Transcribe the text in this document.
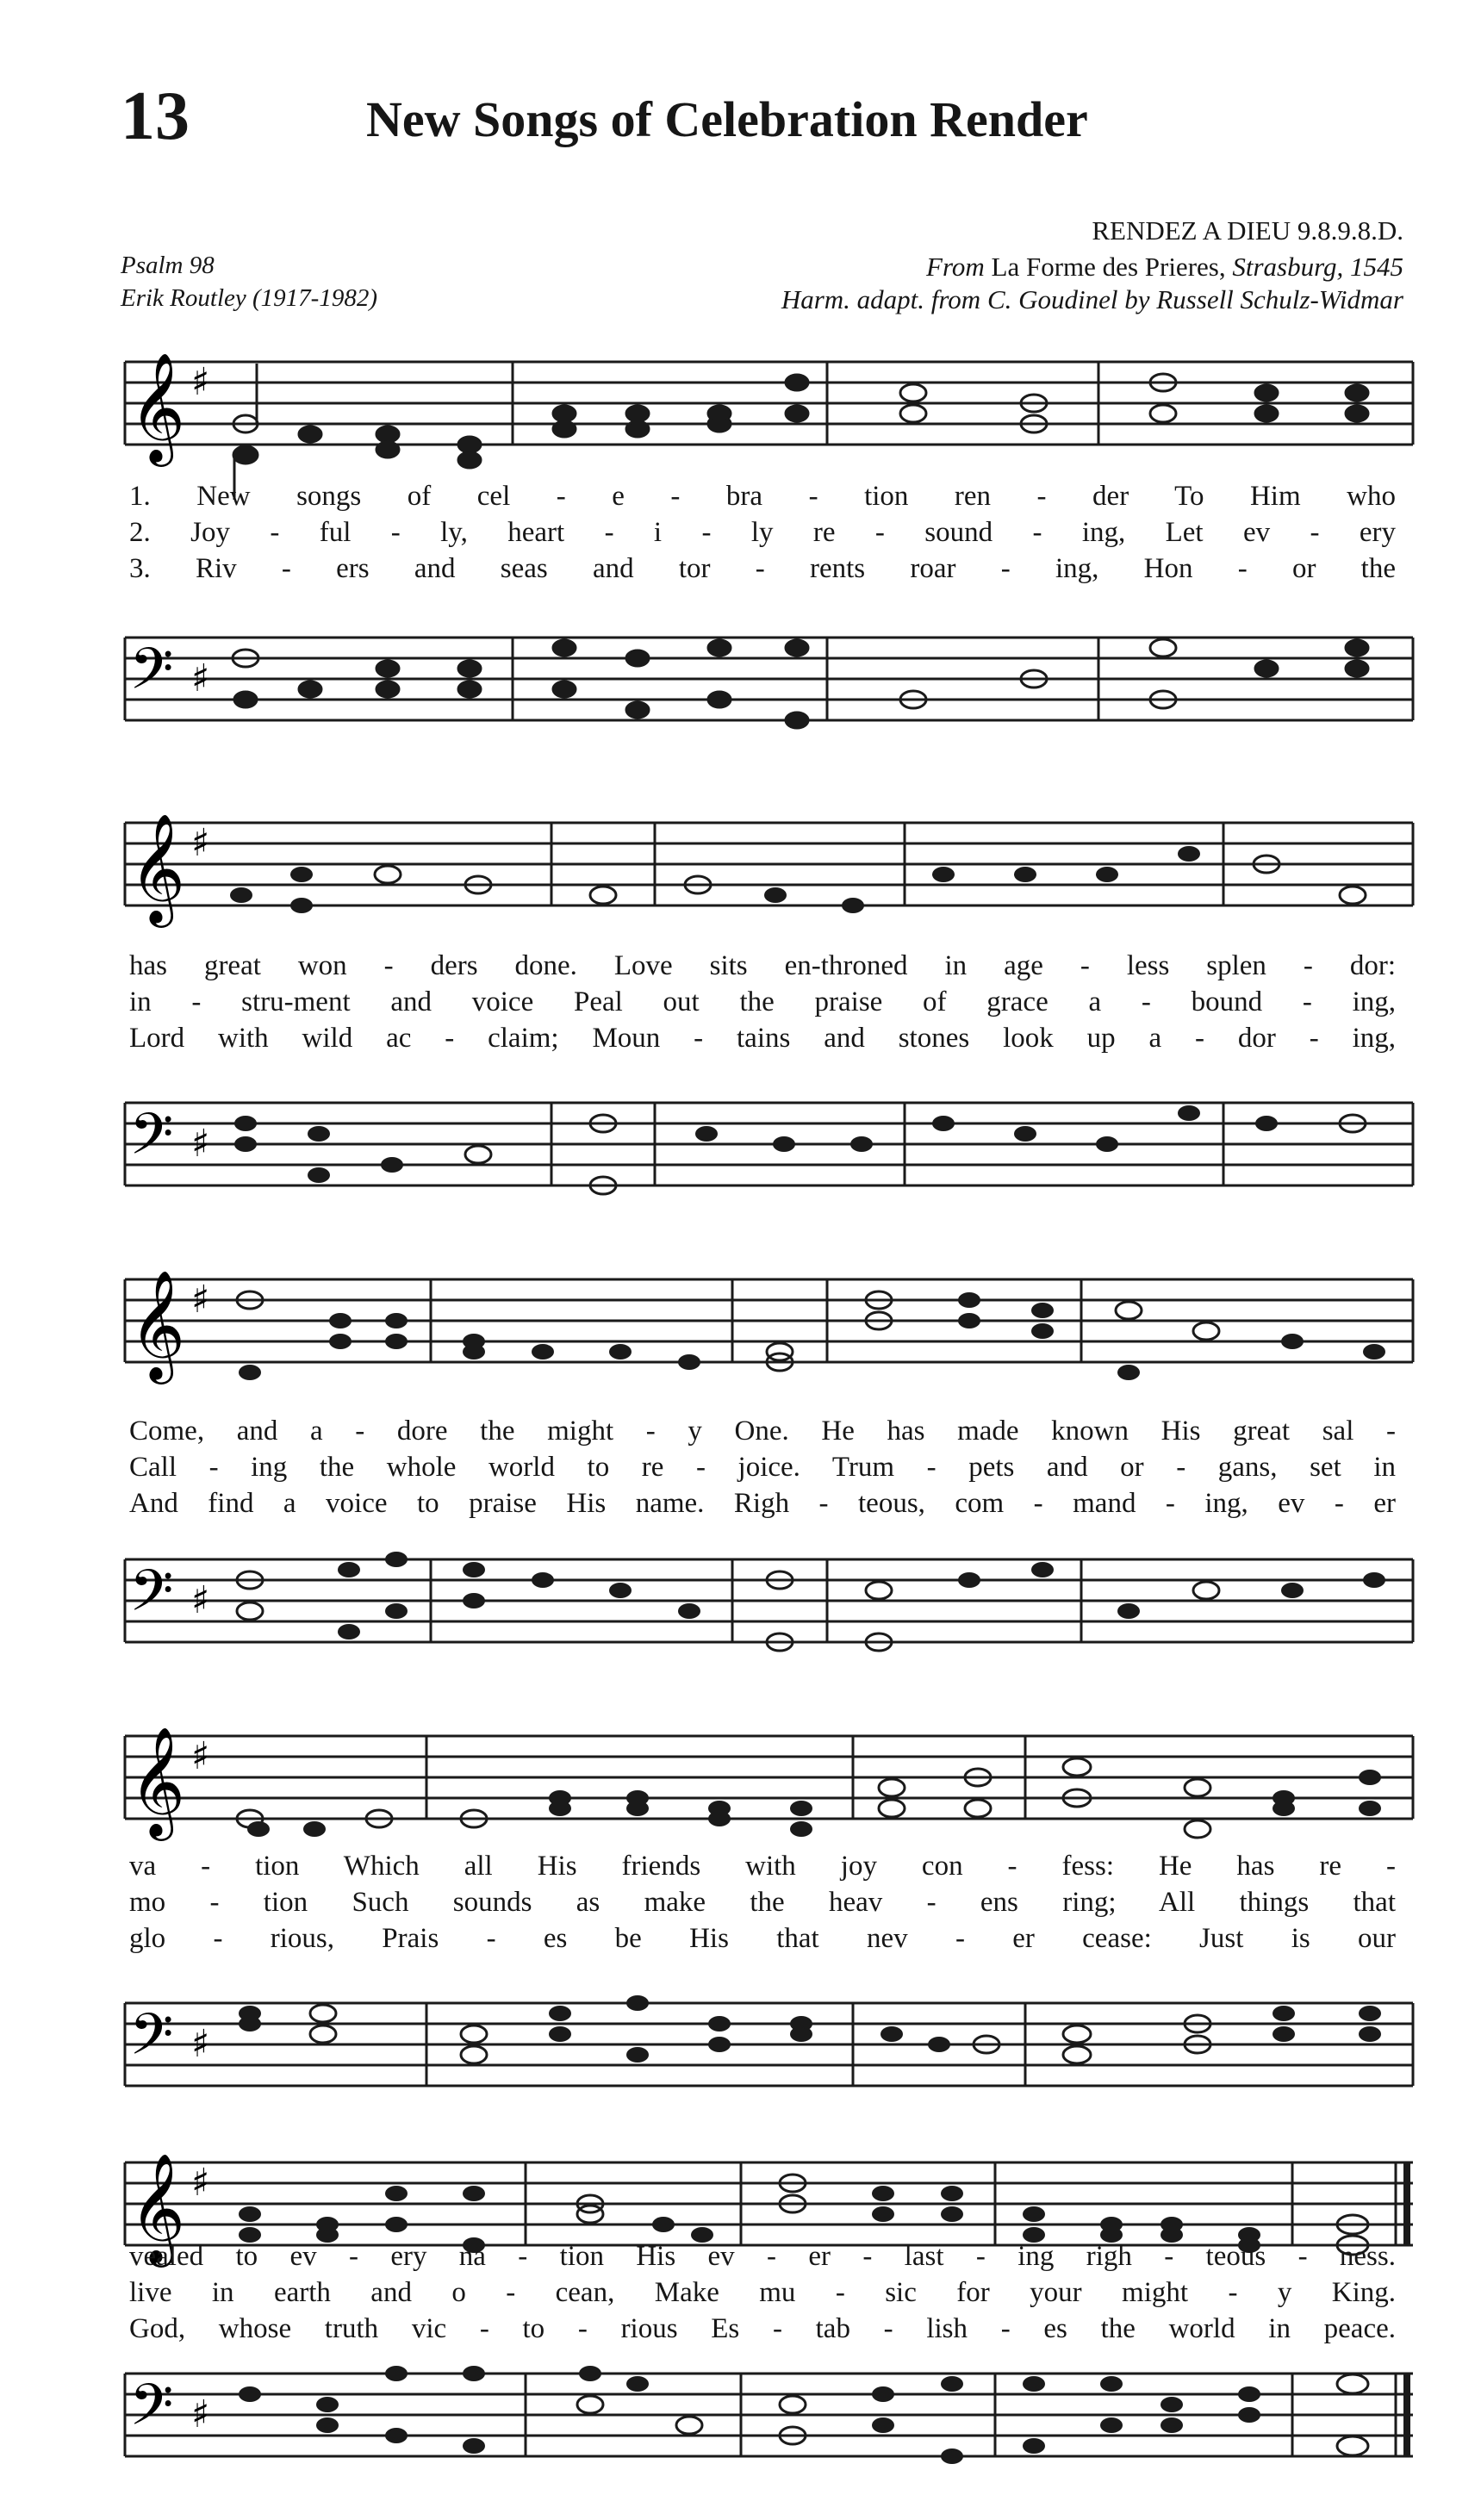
13	New Songs of Celebration Render
RENDEZ A DIEU 9.8.9.8.D.
From La Forme des Prieres, Strasburg, 1545
Harm. adapt. from C. Goudinel by Russell Schulz-Widmar
Psalm 98
Erik Routley (1917-1982)
𝄞 ♯
1. New songs of cel - e - bra - tion ren - der To Him who
2. Joy - ful - ly, heart - i - ly re - sound - ing, Let ev - ery
3. Riv - ers and seas and tor - rents roar - ing, Hon - or the
𝄢 ♯
𝄞 ♯
has great won - ders done. Love sits en-throned in age - less splen - dor:
in - stru-ment and voice Peal out the praise of grace a - bound - ing,
Lord with wild ac - claim; Moun - tains and stones look up a - dor - ing,
𝄢 ♯
𝄞 ♯
Come, and a - dore the might - y One. He has made known His great sal -
Call - ing the whole world to re - joice. Trum - pets and or - gans, set in
And find a voice to praise His name. Righ - teous, com - mand - ing, ev - er
𝄢 ♯
𝄞 ♯
va - tion Which all His friends with joy con - fess: He has re -
mo - tion Such sounds as make the heav - ens ring; All things that
glo - rious, Prais - es be His that nev - er cease: Just is our
𝄢 ♯
𝄞 ♯
vealed to ev - ery na - tion His ev - er - last - ing righ - teous - ness.
live in earth and o - cean, Make mu - sic for your might - y King.
God, whose truth vic - to - rious Es - tab - lish - es the world in peace.
𝄢 ♯
